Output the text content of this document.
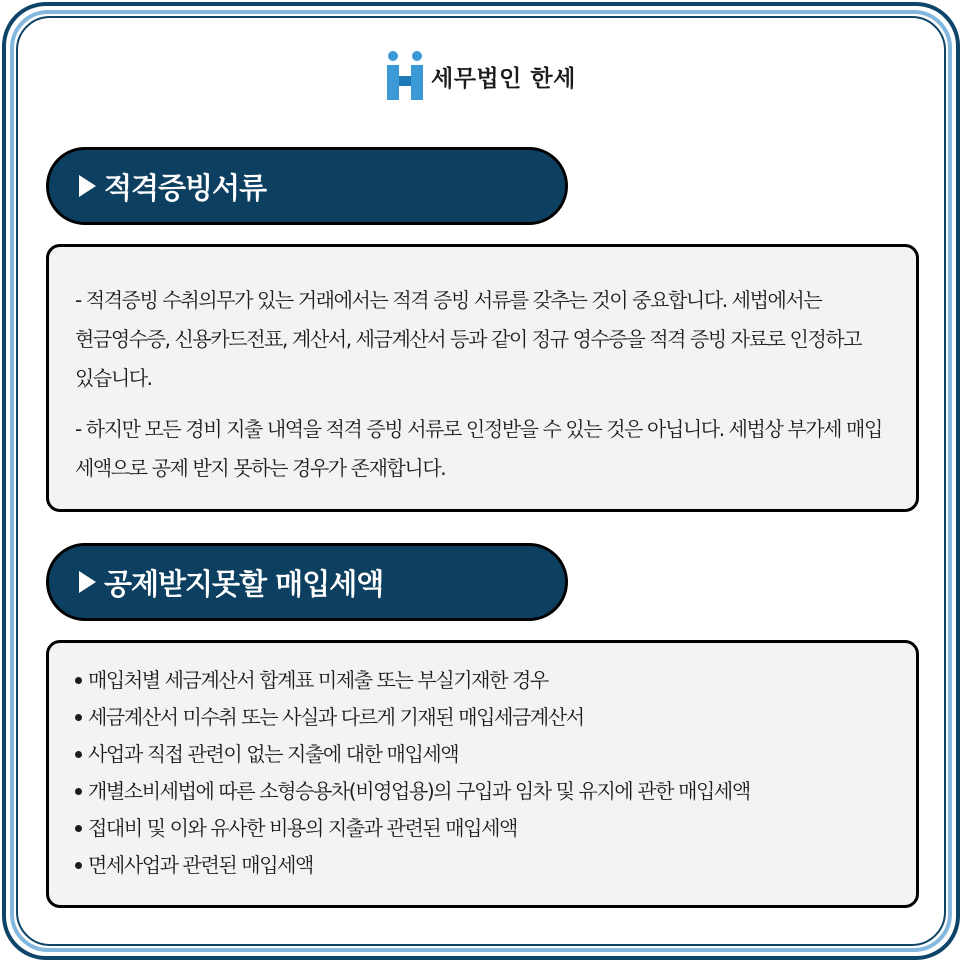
세무법인 한세
적격증빙서류

- 적격증빙 수취의무가 있는 거래에서는 적격 증빙 서류를 갖추는 것이 중요합니다. 세법에서는 현금영수증, 신용카드전표, 계산서, 세금계산서 등과 같이 정규 영수증을 적격 증빙 자료로 인정하고 있습니다.

- 하지만 모든 경비 지출 내역을 적격 증빙 서류로 인정받을 수 있는 것은 아닙니다. 세법상 부가세 매입 세액으로 공제 받지 못하는 경우가 존재합니다.

공제받지못할 매입세액
매입처별 세금계산서 합계표 미제출 또는 부실기재한 경우
세금계산서 미수취 또는 사실과 다르게 기재된 매입세금계산서
사업과 직접 관련이 없는 지출에 대한 매입세액
개별소비세법에 따른 소형승용차(비영업용)의 구입과 임차 및 유지에 관한 매입세액
접대비 및 이와 유사한 비용의 지출과 관련된 매입세액
면세사업과 관련된 매입세액
